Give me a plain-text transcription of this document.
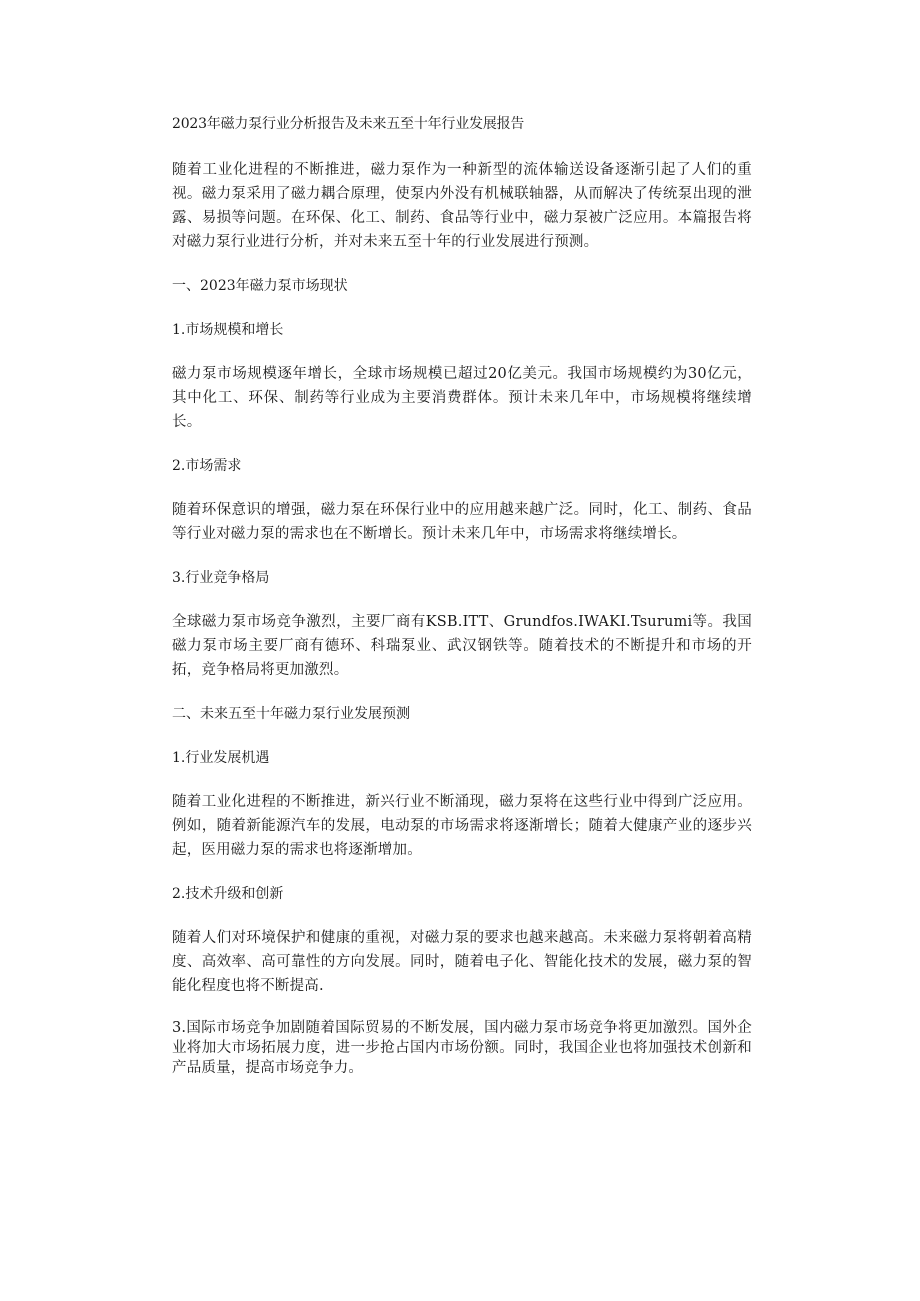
2023年磁力泵行业分析报告及未来五至十年行业发展报告

随着工业化进程的不断推进，磁力泵作为一种新型的流体输送设备逐渐引起了人们的重视。磁力泵采用了磁力耦合原理，使泵内外没有机械联轴器，从而解决了传统泵出现的泄露、易损等问题。在环保、化工、制药、食品等行业中，磁力泵被广泛应用。本篇报告将对磁力泵行业进行分析，并对未来五至十年的行业发展进行预测。

一、2023年磁力泵市场现状

1.市场规模和增长

磁力泵市场规模逐年增长，全球市场规模已超过20亿美元。我国市场规模约为30亿元，其中化工、环保、制药等行业成为主要消费群体。预计未来几年中，市场规模将继续增长。

2.市场需求

随着环保意识的增强，磁力泵在环保行业中的应用越来越广泛。同时，化工、制药、食品等行业对磁力泵的需求也在不断增长。预计未来几年中，市场需求将继续增长。

3.行业竞争格局

全球磁力泵市场竞争激烈，主要厂商有KSB.ITT、Grundfos.IWAKI.Tsurumi等。我国磁力泵市场主要厂商有德环、科瑞泵业、武汉钢铁等。随着技术的不断提升和市场的开拓，竞争格局将更加激烈。

二、未来五至十年磁力泵行业发展预测

1.行业发展机遇

随着工业化进程的不断推进，新兴行业不断涌现，磁力泵将在这些行业中得到广泛应用。例如，随着新能源汽车的发展，电动泵的市场需求将逐渐增长；随着大健康产业的逐步兴起，医用磁力泵的需求也将逐渐增加。

2.技术升级和创新

随着人们对环境保护和健康的重视，对磁力泵的要求也越来越高。未来磁力泵将朝着高精度、高效率、高可靠性的方向发展。同时，随着电子化、智能化技术的发展，磁力泵的智能化程度也将不断提高.

3.国际市场竞争加剧随着国际贸易的不断发展，国内磁力泵市场竞争将更加激烈。国外企业将加大市场拓展力度，进一步抢占国内市场份额。同时，我国企业也将加强技术创新和产品质量，提高市场竞争力。
